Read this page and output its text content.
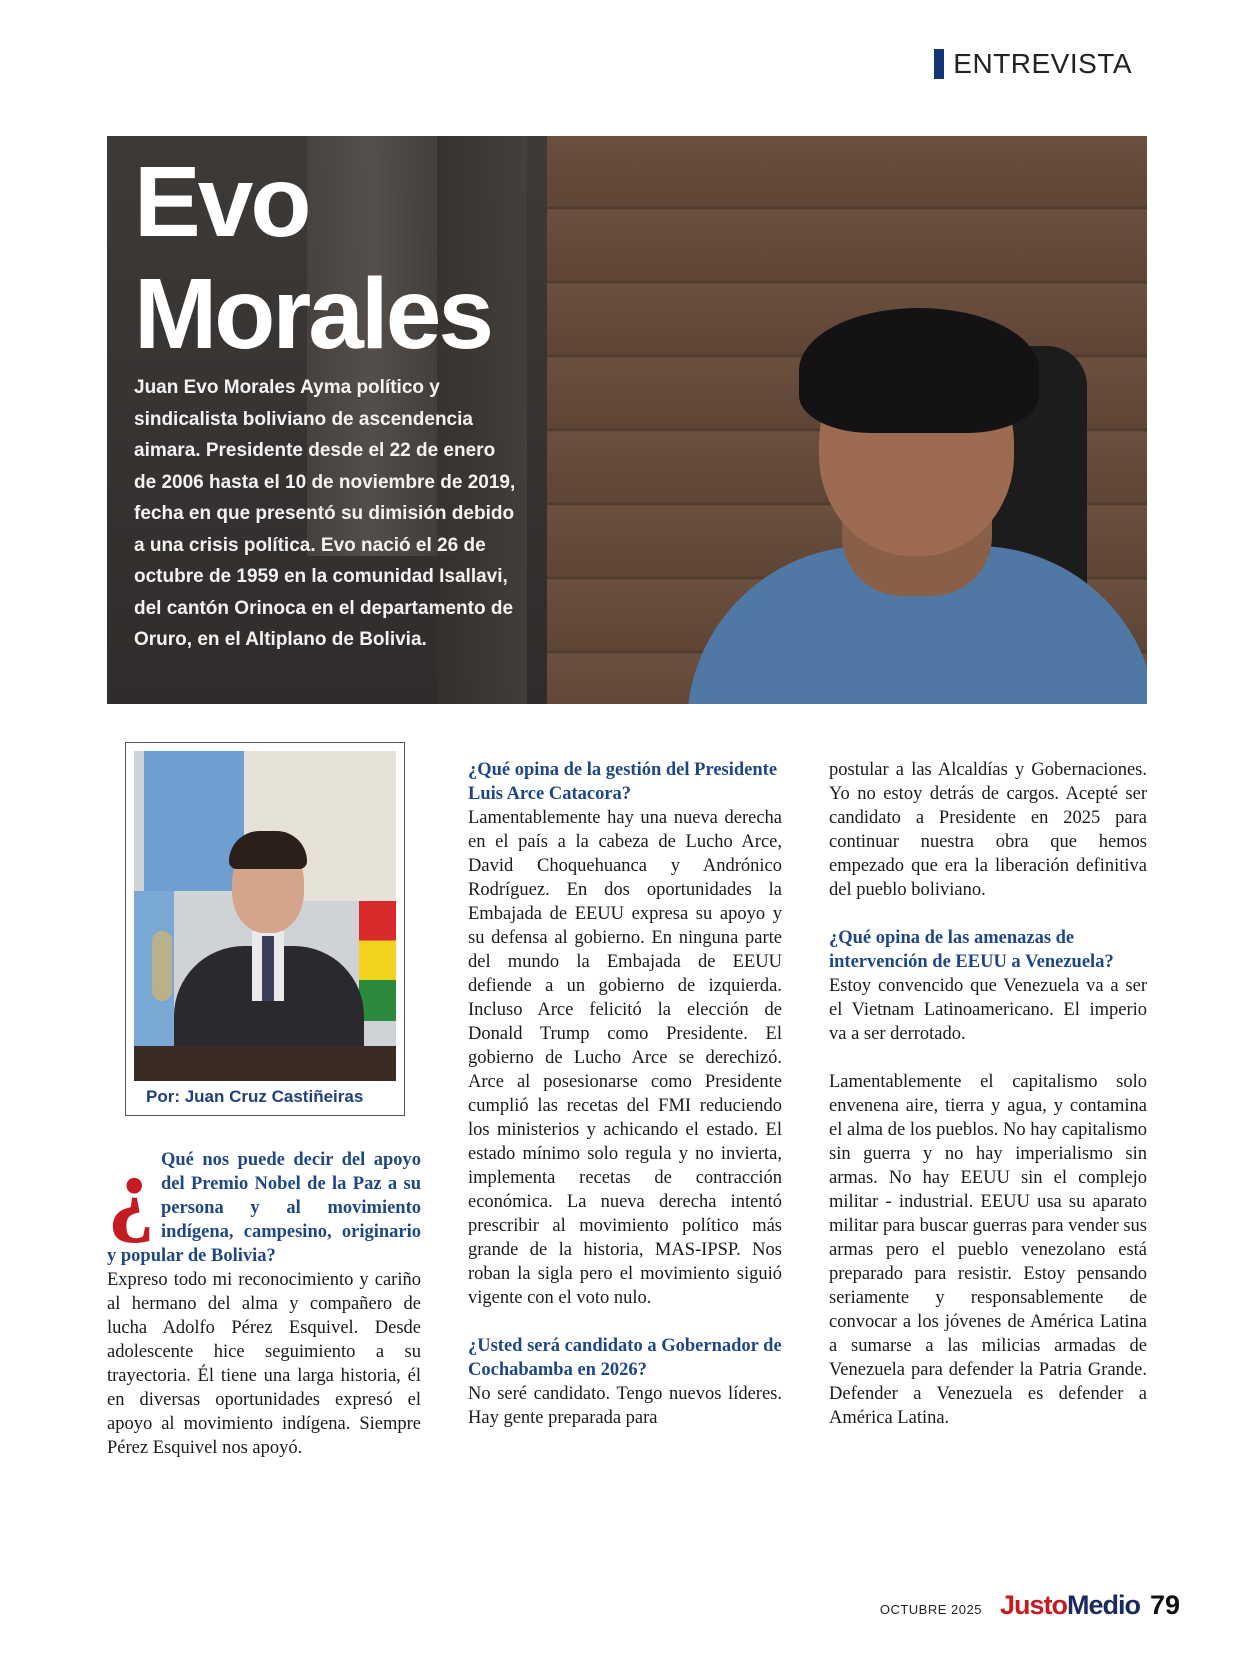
ENTREVISTA
Evo
Morales

Juan Evo Morales Ayma político y sindicalista boliviano de ascendencia aimara. Presidente desde el 22 de enero de 2006 hasta el 10 de noviembre de 2019, fecha en que presentó su dimisión debido a una crisis política. Evo nació el 26 de octubre de 1959 en la comunidad Isallavi, del cantón Orinoca en el departamento de Oruro, en el Altiplano de Bolivia.

Por: Juan Cruz Castiñeiras

¿ Qué nos puede decir del apoyo del Premio Nobel de la Paz a su persona y al movimiento indígena, campesino, originario y popular de Bolivia?

Expreso todo mi reconocimiento y cariño al hermano del alma y compañero de lucha Adolfo Pérez Esquivel. Desde adolescente hice seguimiento a su trayectoria. Él tiene una larga historia, él en diversas oportunidades expresó el apoyo al movimiento indígena. Siempre Pérez Esquivel nos apoyó.

¿Qué opina de la gestión del Presidente Luis Arce Catacora?

Lamentablemente hay una nueva derecha en el país a la cabeza de Lucho Arce, David Choquehuanca y Andrónico Rodríguez. En dos oportunidades la Embajada de EEUU expresa su apoyo y su defensa al gobierno. En ninguna parte del mundo la Embajada de EEUU defiende a un gobierno de izquierda. Incluso Arce felicitó la elección de Donald Trump como Presidente. El gobierno de Lucho Arce se derechizó. Arce al posesionarse como Presidente cumplió las recetas del FMI reduciendo los ministerios y achicando el estado. El estado mínimo solo regula y no invierta, implementa recetas de contracción económica. La nueva derecha intentó prescribir al movimiento político más grande de la historia, MAS-IPSP. Nos roban la sigla pero el movimiento siguió vigente con el voto nulo.

¿Usted será candidato a Gobernador de Cochabamba en 2026?

No seré candidato. Tengo nuevos líderes. Hay gente preparada para

postular a las Alcaldías y Gobernaciones. Yo no estoy detrás de cargos. Acepté ser candidato a Presidente en 2025 para continuar nuestra obra que hemos empezado que era la liberación definitiva del pueblo boliviano.

¿Qué opina de las amenazas de intervención de EEUU a Venezuela?

Estoy convencido que Venezuela va a ser el Vietnam Latinoamericano. El imperio va a ser derrotado.

Lamentablemente el capitalismo solo envenena aire, tierra y agua, y contamina el alma de los pueblos. No hay capitalismo sin guerra y no hay imperialismo sin armas. No hay EEUU sin el complejo militar - industrial. EEUU usa su aparato militar para buscar guerras para vender sus armas pero el pueblo venezolano está preparado para resistir. Estoy pensando seriamente y responsablemente de convocar a los jóvenes de América Latina a sumarse a las milicias armadas de Venezuela para defender la Patria Grande. Defender a Venezuela es defender a América Latina.

OCTUBRE 2025 Justo Medio 79
